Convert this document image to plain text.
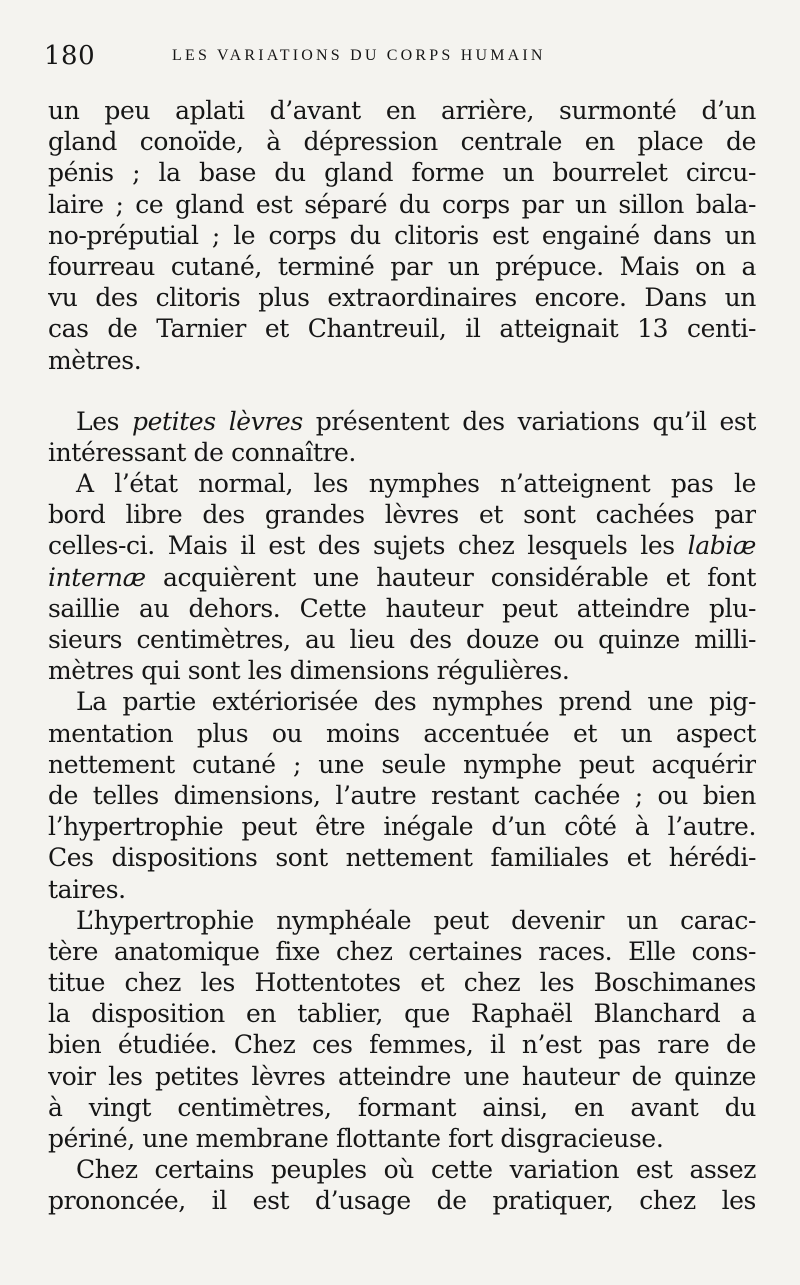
180	LES VARIATIONS DU CORPS HUMAIN
un peu aplati d’avant en arrière, surmonté d’un
gland conoïde, à dépression centrale en place de
pénis ; la base du gland forme un bourrelet circu-
laire ; ce gland est séparé du corps par un sillon bala-
no-préputial ; le corps du clitoris est engainé dans un
fourreau cutané, terminé par un prépuce. Mais on a
vu des clitoris plus extraordinaires encore. Dans un
cas de Tarnier et Chantreuil, il atteignait 13 centi-
mètres.
Les petites lèvres présentent des variations qu’il est
intéressant de connaître.
A l’état normal, les nymphes n’atteignent pas le
bord libre des grandes lèvres et sont cachées par
celles-ci. Mais il est des sujets chez lesquels les labiæ
internæ acquièrent une hauteur considérable et font
saillie au dehors. Cette hauteur peut atteindre plu-
sieurs centimètres, au lieu des douze ou quinze milli-
mètres qui sont les dimensions régulières.
La partie extériorisée des nymphes prend une pig-
mentation plus ou moins accentuée et un aspect
nettement cutané ; une seule nymphe peut acquérir
de telles dimensions, l’autre restant cachée ; ou bien
l’hypertrophie peut être inégale d’un côté à l’autre.
Ces dispositions sont nettement familiales et hérédi-
taires.
L’hypertrophie nymphéale peut devenir un carac-
tère anatomique fixe chez certaines races. Elle cons-
titue chez les Hottentotes et chez les Boschimanes
la disposition en tablier, que Raphaël Blanchard a
bien étudiée. Chez ces femmes, il n’est pas rare de
voir les petites lèvres atteindre une hauteur de quinze
à vingt centimètres, formant ainsi, en avant du
périné, une membrane flottante fort disgracieuse.
Chez certains peuples où cette variation est assez
prononcée, il est d’usage de pratiquer, chez les
